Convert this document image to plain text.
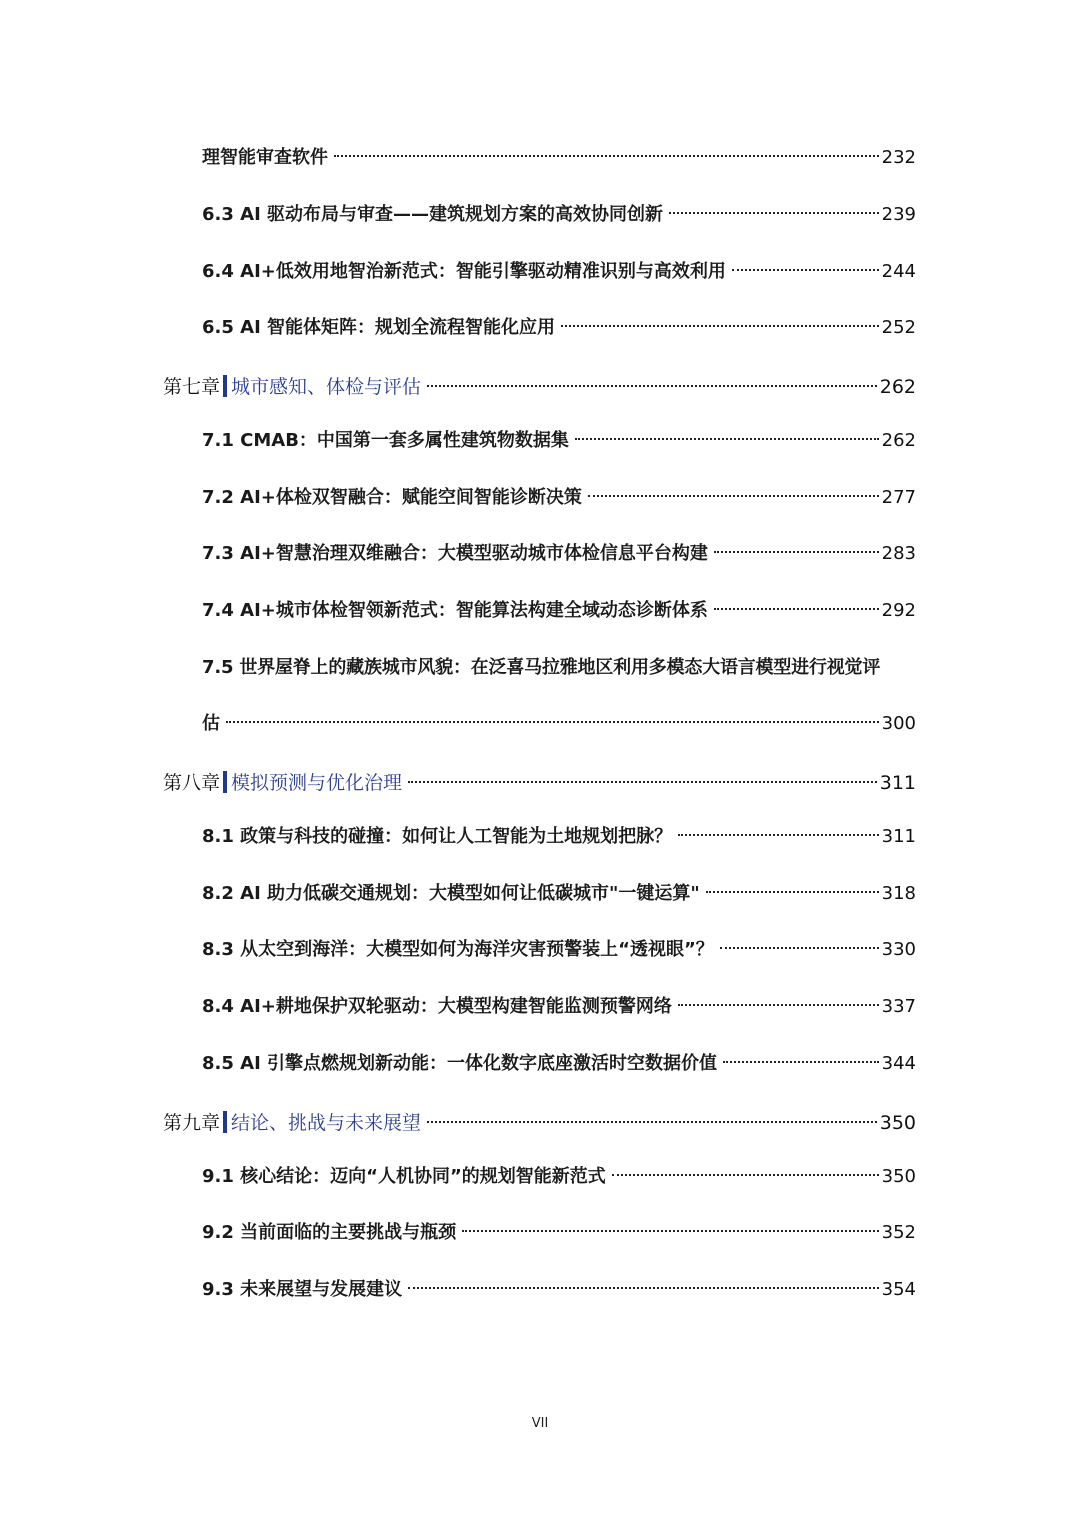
理智能审查软件	232
6.3 AI 驱动布局与审查——建筑规划方案的高效协同创新	239
6.4 AI+低效用地智治新范式：智能引擎驱动精准识别与高效利用	244
6.5 AI 智能体矩阵：规划全流程智能化应用	252
第七章 城市感知、体检与评估	262
7.1 CMAB：中国第一套多属性建筑物数据集	262
7.2 AI+体检双智融合：赋能空间智能诊断决策	277
7.3 AI+智慧治理双维融合：大模型驱动城市体检信息平台构建	283
7.4 AI+城市体检智领新范式：智能算法构建全域动态诊断体系	292
7.5 世界屋脊上的藏族城市风貌：在泛喜马拉雅地区利用多模态大语言模型进行视觉评
估	300
第八章 模拟预测与优化治理	311
8.1 政策与科技的碰撞：如何让人工智能为土地规划把脉？	311
8.2 AI 助力低碳交通规划：大模型如何让低碳城市"一键运算"	318
8.3 从太空到海洋：大模型如何为海洋灾害预警装上“透视眼”？	330
8.4 AI+耕地保护双轮驱动：大模型构建智能监测预警网络	337
8.5 AI 引擎点燃规划新动能：一体化数字底座激活时空数据价值	344
第九章 结论、挑战与未来展望	350
9.1 核心结论：迈向“人机协同”的规划智能新范式	350
9.2 当前面临的主要挑战与瓶颈	352
9.3 未来展望与发展建议	354
VII
